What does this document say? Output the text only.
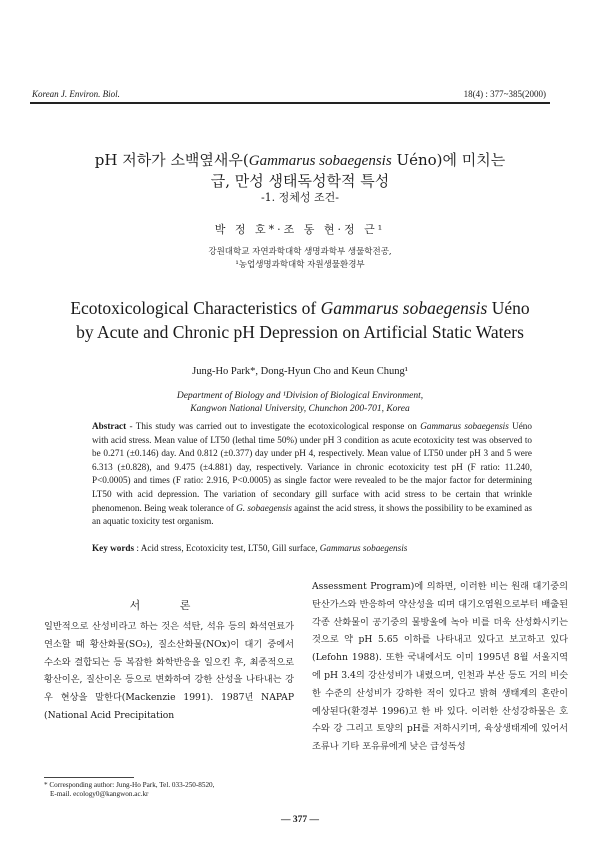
Korean J. Environ. Biol.	18(4) : 377~385(2000)
pH 저하가 소백옆새우(Gammarus sobaegensis Uéno)에 미치는
급, 만성 생태독성학적 특성
-1. 정체성 조건-
박 정 호*·조 동 현·정 근¹
강원대학교 자연과학대학 생명과학부 생물학전공,
¹농업생명과학대학 자원생물환경부
Ecotoxicological Characteristics of Gammarus sobaegensis Uéno
by Acute and Chronic pH Depression on Artificial Static Waters
Jung-Ho Park*, Dong-Hyun Cho and Keun Chung¹
Department of Biology and ¹Division of Biological Environment,
Kangwon National University, Chunchon 200-701, Korea
Abstract - This study was carried out to investigate the ecotoxicological response on Gammarus sobaegensis Uéno with acid stress. Mean value of LT50 (lethal time 50%) under pH 3 condition as acute ecotoxicity test was observed to be 0.271 (±0.146) day. And 0.812 (±0.377) day under pH 4, respectively. Mean value of LT50 under pH 3 and 5 were 6.313 (±0.828), and 9.475 (±4.881) day, respectively. Variance in chronic ecotoxicity test pH (F ratio: 11.240, P<0.0005) and times (F ratio: 2.916, P<0.0005) as single factor were revealed to be the major factor for determining LT50 with acid depression. The variation of secondary gill surface with acid stress to be certain that wrinkle phenomenon. Being weak tolerance of G. sobaegensis against the acid stress, it shows the possibility to be examined as an aquatic toxicity test organism.
Key words : Acid stress, Ecotoxicity test, LT50, Gill surface, Gammarus sobaegensis
서 론
일반적으로 산성비라고 하는 것은 석탄, 석유 등의 화석연료가 연소할 때 황산화물(SO₂), 질소산화물(NOx)이 대기 중에서 수소와 결합되는 등 복잡한 화학반응을 일으킨 후, 최종적으로 황산이온, 질산이온 등으로 변화하여 강한 산성을 나타내는 강우 현상을 말한다(Mackenzie 1991). 1987년 NAPAP (National Acid Precipitation
Assessment Program)에 의하면, 이러한 비는 원래 대기중의 탄산가스와 반응하여 약산성을 띠며 대기오염원으로부터 배출된 각종 산화물이 공기중의 물방울에 녹아 비를 더욱 산성화시키는 것으로 약 pH 5.65 이하를 나타내고 있다고 보고하고 있다(Lefohn 1988). 또한 국내에서도 이미 1995년 8월 서울지역에 pH 3.4의 강산성비가 내렸으며, 인천과 부산 등도 거의 비슷한 수준의 산성비가 강하한 적이 있다고 밝혀 생태계의 혼란이 예상된다(환경부 1996)고 한 바 있다. 이러한 산성강하물은 호수와 강 그리고 토양의 pH를 저하시키며, 육상생태계에 있어서 조류나 기타 포유류에게 낮은 급성독성
* Corresponding author: Jung-Ho Park, Tel. 033-250-8520,
E-mail. ecology0@kangwon.ac.kr
— 377 —
